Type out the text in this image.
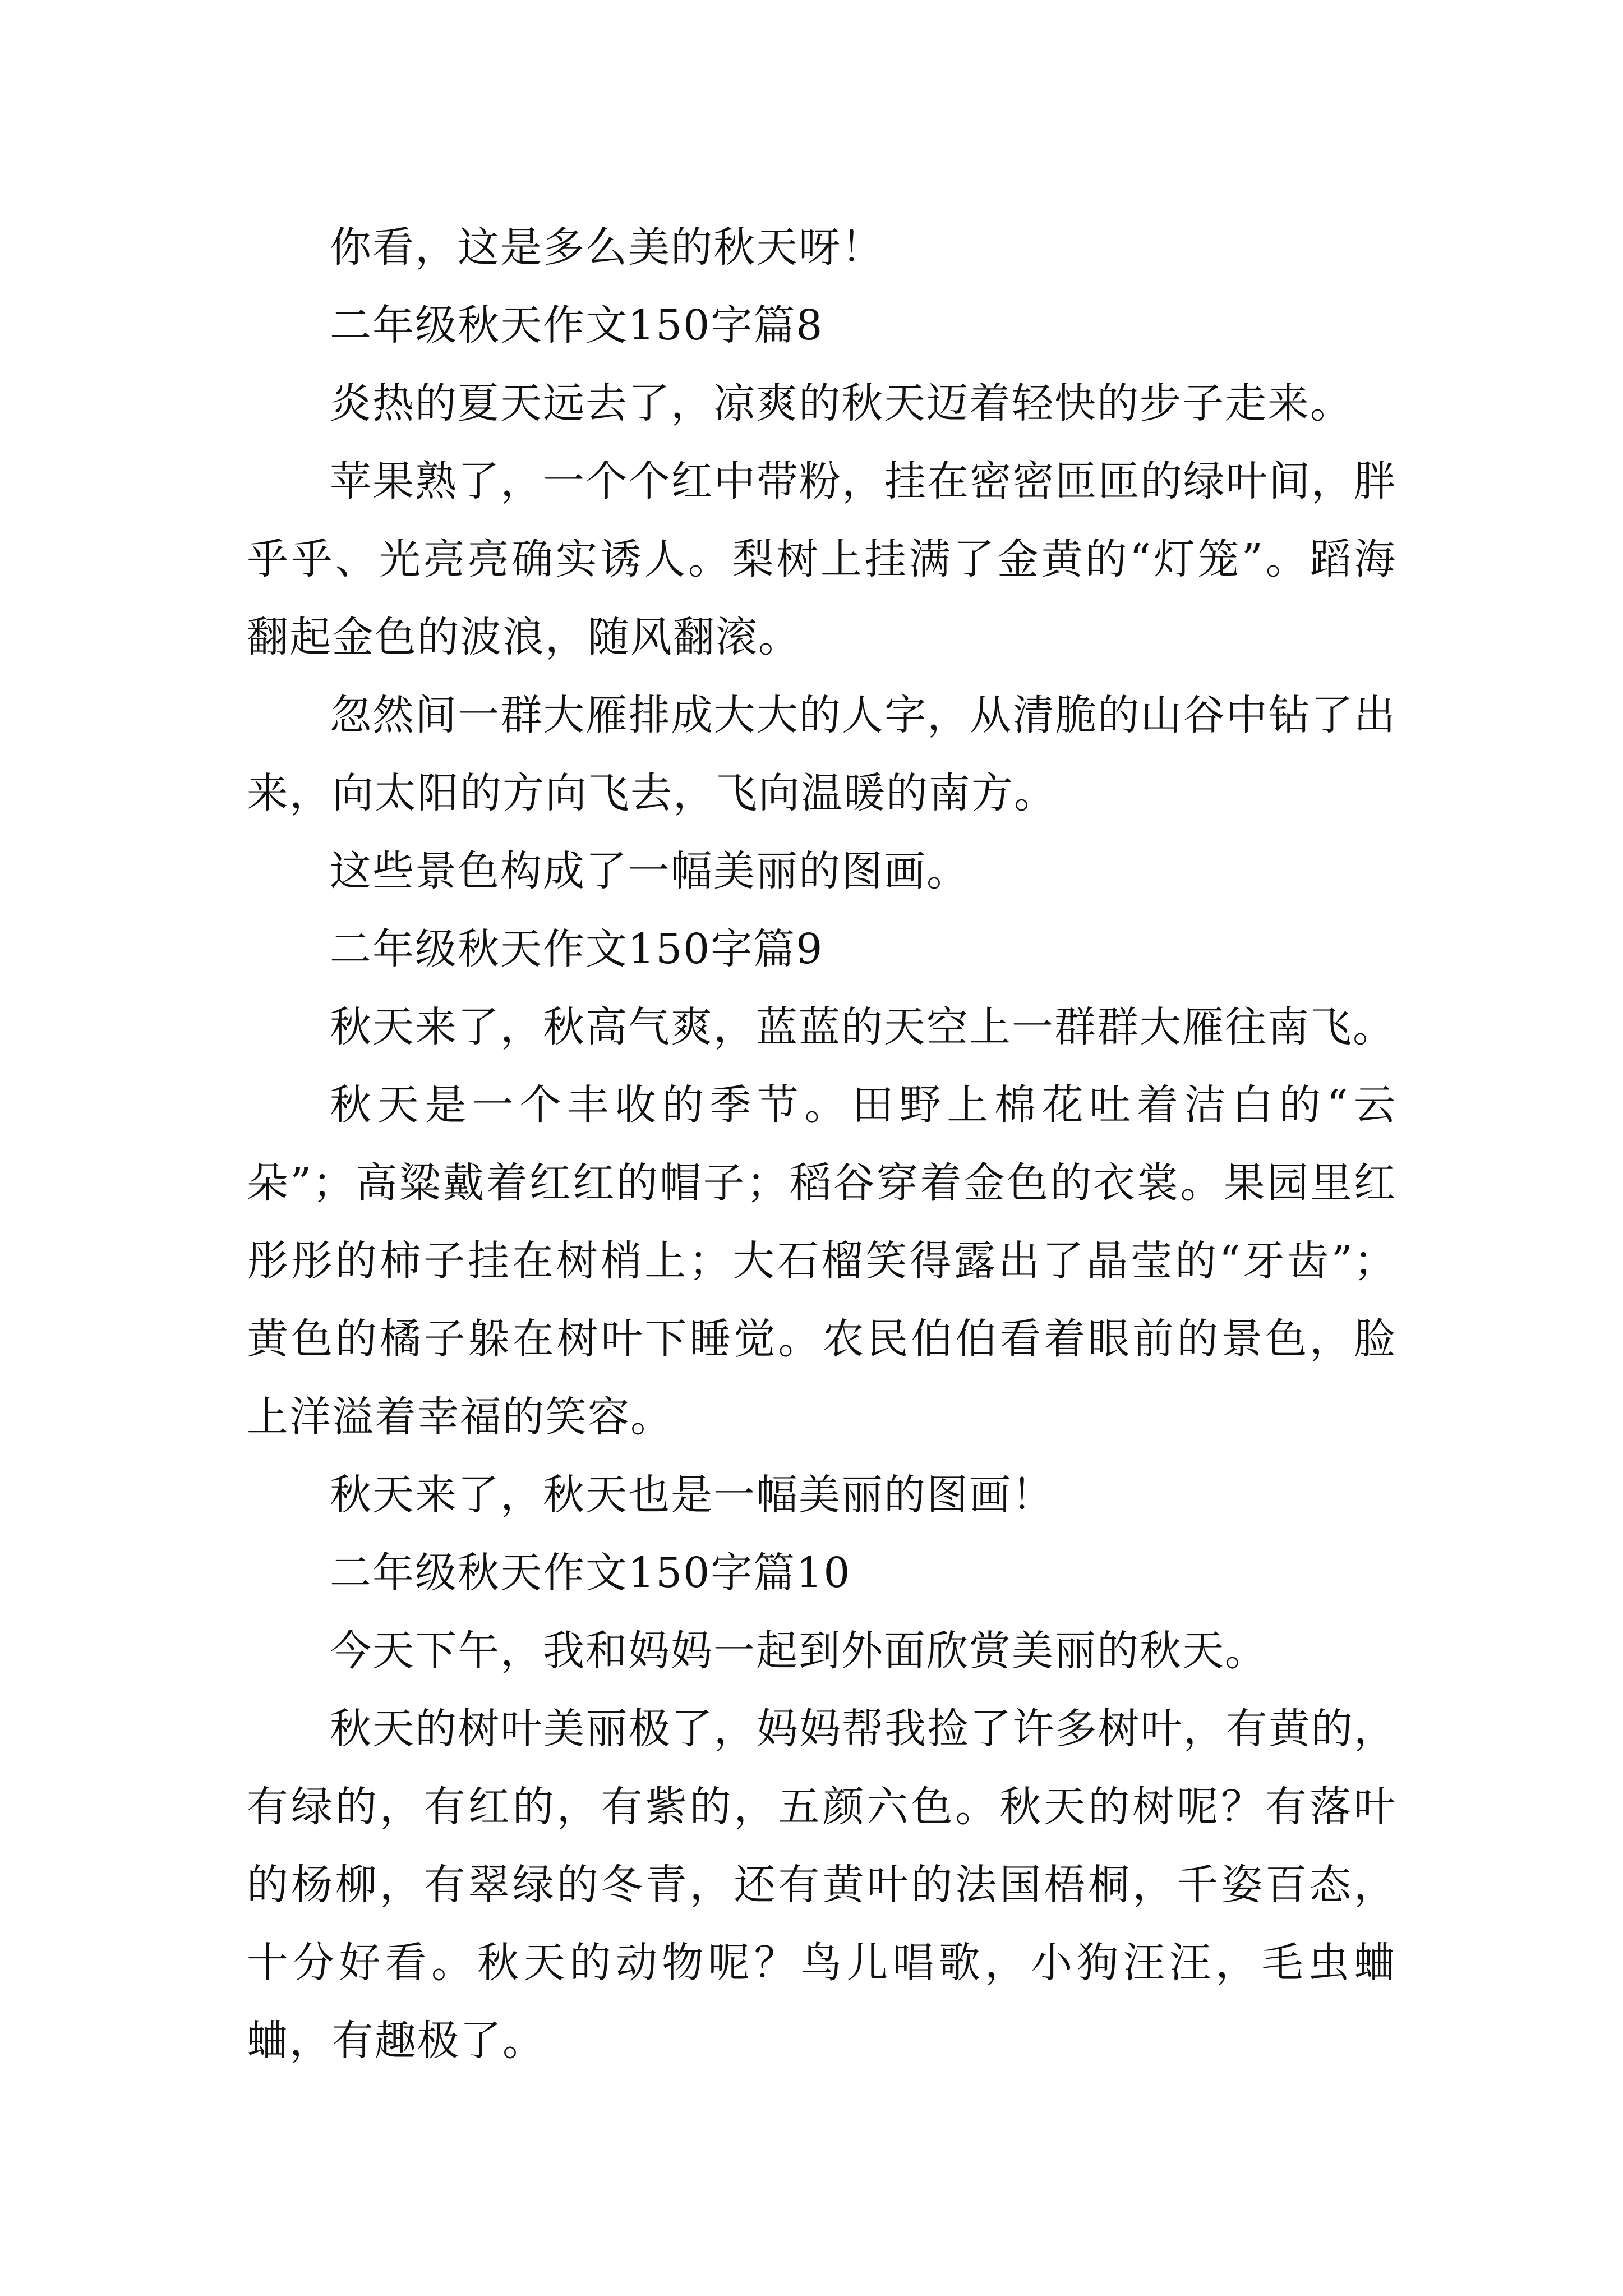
你看，这是多么美的秋天呀！

二年级秋天作文150字篇8

炎热的夏天远去了，凉爽的秋天迈着轻快的步子走来。

苹果熟了，一个个红中带粉，挂在密密匝匝的绿叶间，胖乎乎、光亮亮确实诱人。梨树上挂满了金黄的“灯笼”。蹈海翻起金色的波浪，随风翻滚。

忽然间一群大雁排成大大的人字，从清脆的山谷中钻了出来，向太阳的方向飞去，飞向温暖的南方。

这些景色构成了一幅美丽的图画。

二年级秋天作文150字篇9

秋天来了，秋高气爽，蓝蓝的天空上一群群大雁往南飞。

秋天是一个丰收的季节。田野上棉花吐着洁白的“云朵”；高粱戴着红红的帽子；稻谷穿着金色的衣裳。果园里红彤彤的柿子挂在树梢上；大石榴笑得露出了晶莹的“牙齿”；黄色的橘子躲在树叶下睡觉。农民伯伯看着眼前的景色，脸上洋溢着幸福的笑容。

秋天来了，秋天也是一幅美丽的图画！

二年级秋天作文150字篇10

今天下午，我和妈妈一起到外面欣赏美丽的秋天。

秋天的树叶美丽极了，妈妈帮我捡了许多树叶，有黄的，有绿的，有红的，有紫的，五颜六色。秋天的树呢？有落叶的杨柳，有翠绿的冬青，还有黄叶的法国梧桐，千姿百态，十分好看。秋天的动物呢？鸟儿唱歌，小狗汪汪，毛虫蛐蛐，有趣极了。
